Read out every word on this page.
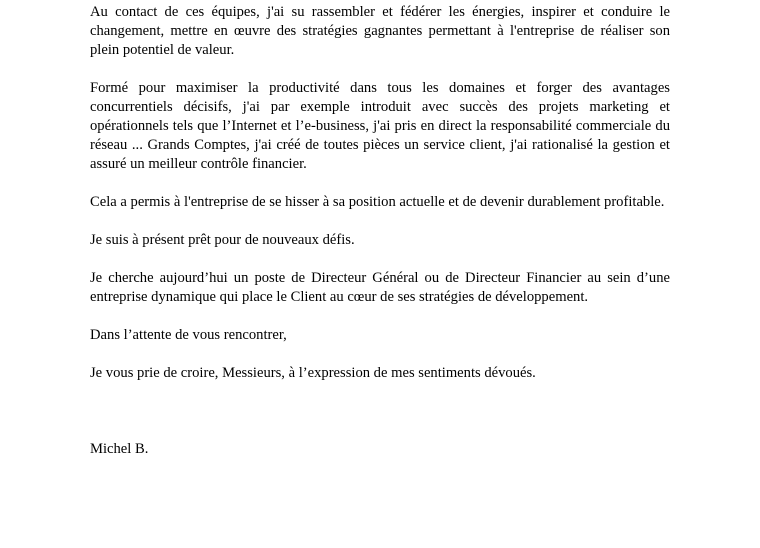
Au contact de ces équipes, j'ai su rassembler et fédérer les énergies, inspirer et conduire le changement, mettre en œuvre des stratégies gagnantes permettant à l'entreprise de réaliser son plein potentiel de valeur.

Formé pour maximiser la productivité dans tous les domaines et forger des avantages concurrentiels décisifs, j'ai par exemple introduit avec succès des projets marketing et opérationnels tels que l’Internet et l’e-business, j'ai pris en direct la responsabilité commerciale du réseau ... Grands Comptes, j'ai créé de toutes pièces un service client, j'ai rationalisé la gestion et assuré un meilleur contrôle financier.

Cela a permis à l'entreprise de se hisser à sa position actuelle et de devenir durablement profitable.

Je suis à présent prêt pour de nouveaux défis.

Je cherche aujourd’hui un poste de Directeur Général ou de Directeur Financier au sein d’une entreprise dynamique qui place le Client au cœur de ses stratégies de développement.

Dans l’attente de vous rencontrer,

Je vous prie de croire, Messieurs, à l’expression de mes sentiments dévoués.

Michel B.
